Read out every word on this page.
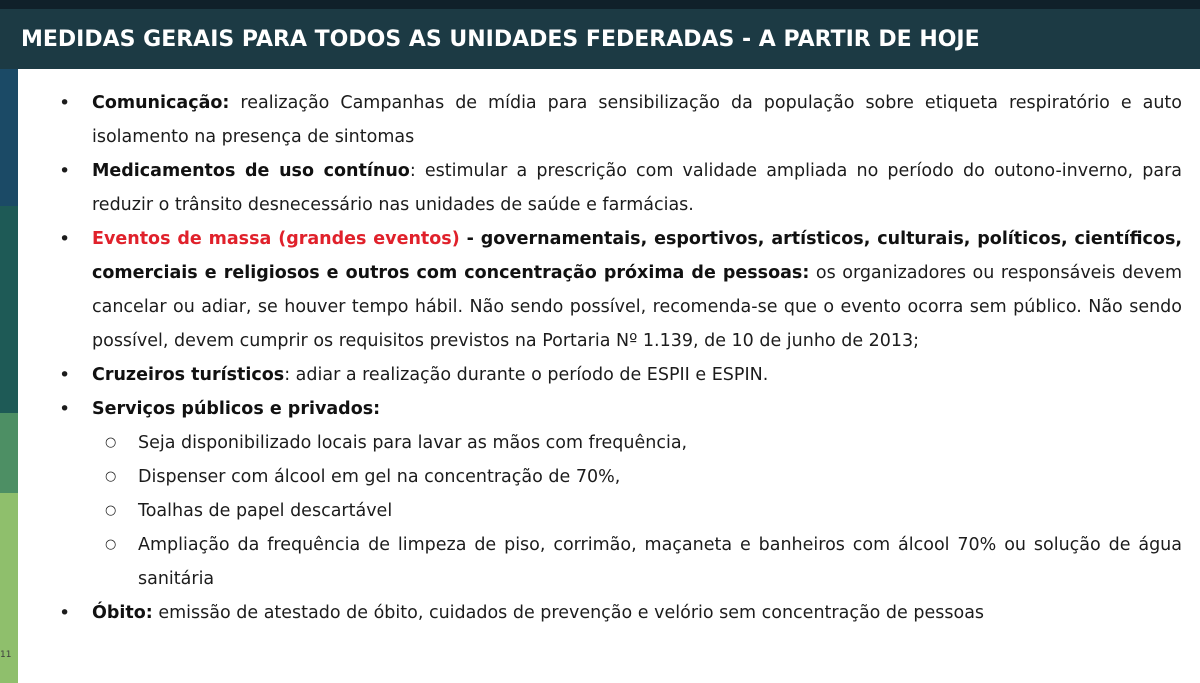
MEDIDAS GERAIS PARA TODOS AS UNIDADES FEDERADAS - A PARTIR DE HOJE
11
• Comunicação: realização Campanhas de mídia para sensibilização da população sobre etiqueta respiratório e auto isolamento na presença de sintomas
• Medicamentos de uso contínuo: estimular a prescrição com validade ampliada no período do outono-inverno, para reduzir o trânsito desnecessário nas unidades de saúde e farmácias.
• Eventos de massa (grandes eventos) - governamentais, esportivos, artísticos, culturais, políticos, científicos, comerciais e religiosos e outros com concentração próxima de pessoas: os organizadores ou responsáveis devem cancelar ou adiar, se houver tempo hábil. Não sendo possível, recomenda-se que o evento ocorra sem público. Não sendo possível, devem cumprir os requisitos previstos na Portaria Nº 1.139, de 10 de junho de 2013;
• Cruzeiros turísticos: adiar a realização durante o período de ESPII e ESPIN.
• Serviços públicos e privados:
○ Seja disponibilizado locais para lavar as mãos com frequência,
○ Dispenser com álcool em gel na concentração de 70%,
○ Toalhas de papel descartável
○ Ampliação da frequência de limpeza de piso, corrimão, maçaneta e banheiros com álcool 70% ou solução de água sanitária
• Óbito: emissão de atestado de óbito, cuidados de prevenção e velório sem concentração de pessoas
